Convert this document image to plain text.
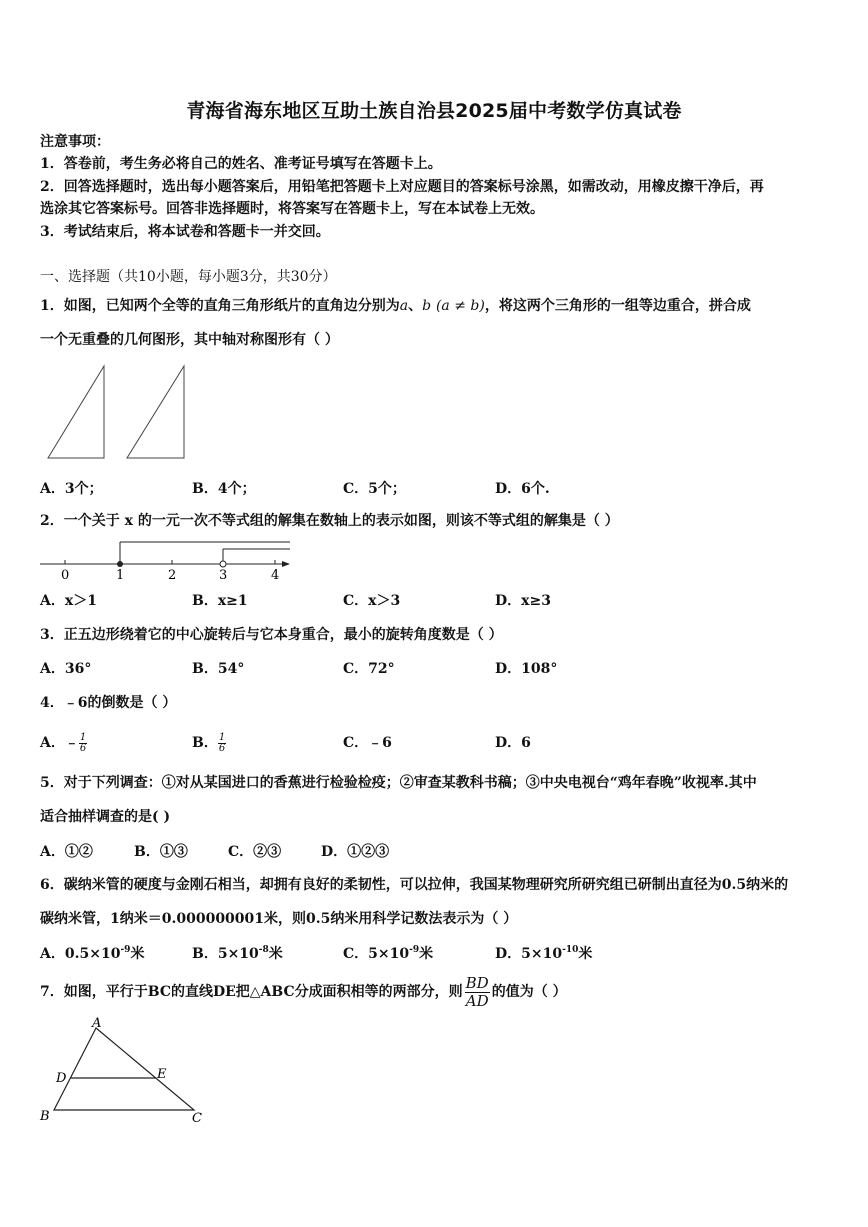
青海省海东地区互助土族自治县2025届中考数学仿真试卷
注意事项：
1．答卷前，考生务必将自己的姓名、准考证号填写在答题卡上。
2．回答选择题时，选出每小题答案后，用铅笔把答题卡上对应题目的答案标号涂黑，如需改动，用橡皮擦干净后，再
选涂其它答案标号。回答非选择题时，将答案写在答题卡上，写在本试卷上无效。
3．考试结束后，将本试卷和答题卡一并交回。
一、选择题（共10小题，每小题3分，共30分）
1．如图，已知两个全等的直角三角形纸片的直角边分别为a、b (a ≠ b)，将这两个三角形的一组等边重合，拼合成
一个无重叠的几何图形，其中轴对称图形有（ ）
A．3个；	B．4个；	C．5个；	D．6个.
2．一个关于 x 的一元一次不等式组的解集在数轴上的表示如图，则该不等式组的解集是（ ）
0	1	2	3	4
A．x＞1	B．x≥1	C．x＞3	D．x≥3
3．正五边形绕着它的中心旋转后与它本身重合，最小的旋转角度数是（ ）
A．36°	B．54°	C．72°	D．108°
4．﹣6的倒数是（ ）
A．﹣ $\frac{1}{6}$	B． $\frac{1}{6}$	C．﹣6	D．6
5．对于下列调查：①对从某国进口的香蕉进行检验检疫；②审查某教科书稿；③中央电视台“鸡年春晚”收视率.其中
适合抽样调查的是( )
A．①②	B．①③	C．②③	D．①②③
6．碳纳米管的硬度与金刚石相当，却拥有良好的柔韧性，可以拉伸，我国某物理研究所研究组已研制出直径为0.5纳米的
碳纳米管，1纳米＝0.000000001米，则0.5纳米用科学记数法表示为（ ）
A．$0.5\times 10^{-9}$米	B．$5\times 10^{-8}$米	C．$5\times 10^{-9}$米	D．$5\times 10^{-10}$米
7．如图，平行于BC的直线DE把△ABC分成面积相等的两部分，则 $\frac{BD}{AD}$ 的值为（ ）
A
D	E
B	C
